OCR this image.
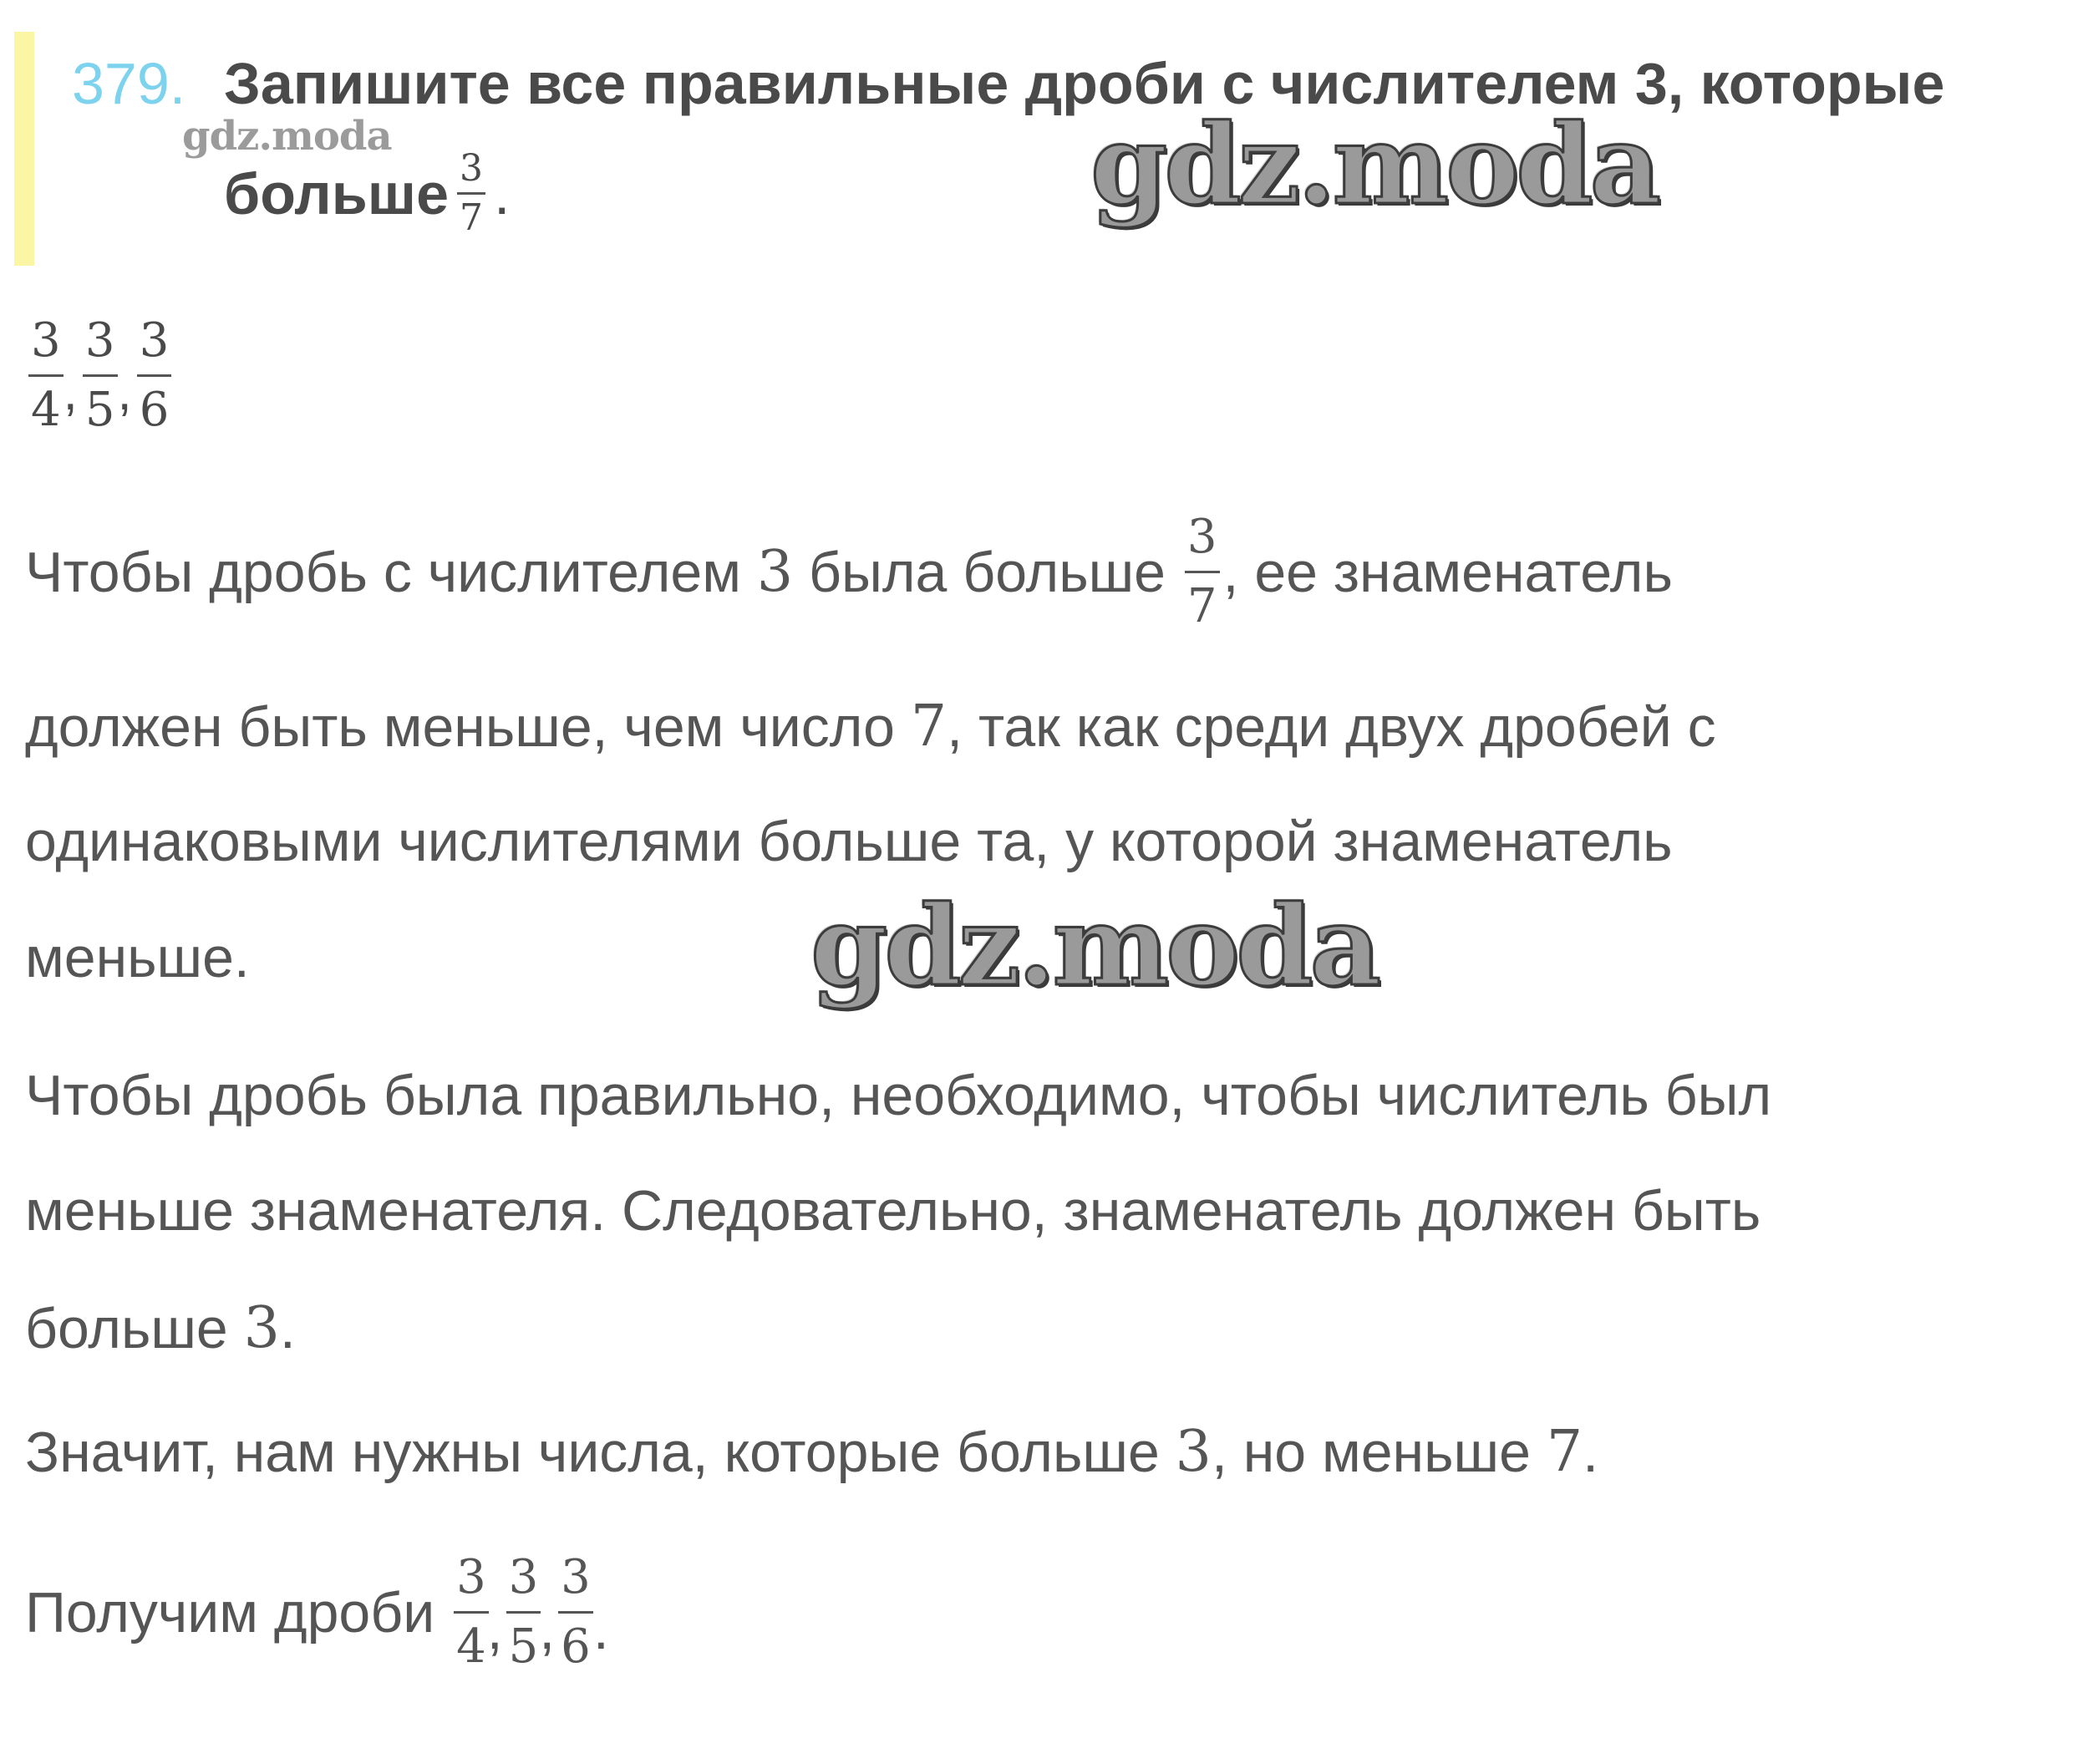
379. Запишите все правильные дроби с числителем 3, которые
больше $\frac{3}{7}$ .
gdz.moda	gdz.moda
gdz.moda
$\frac{3}{4}$ , $\frac{3}{5}$ , $\frac{3}{6}$
Чтобы дробь с числителем 3 была больше $\frac{3}{7}$ , ее знаменатель
должен быть меньше, чем число 7 , так как среди двух дробей с
одинаковыми числителями больше та, у которой знаменатель
меньше.
Чтобы дробь была правильно, необходимо, чтобы числитель был
меньше знаменателя. Следовательно, знаменатель должен быть
больше 3 .
Значит, нам нужны числа, которые больше 3 , но меньше 7 .
Получим дроби $\frac{3}{4}$
, $\frac{3}{5}$
, $\frac{3}{6}$ .
